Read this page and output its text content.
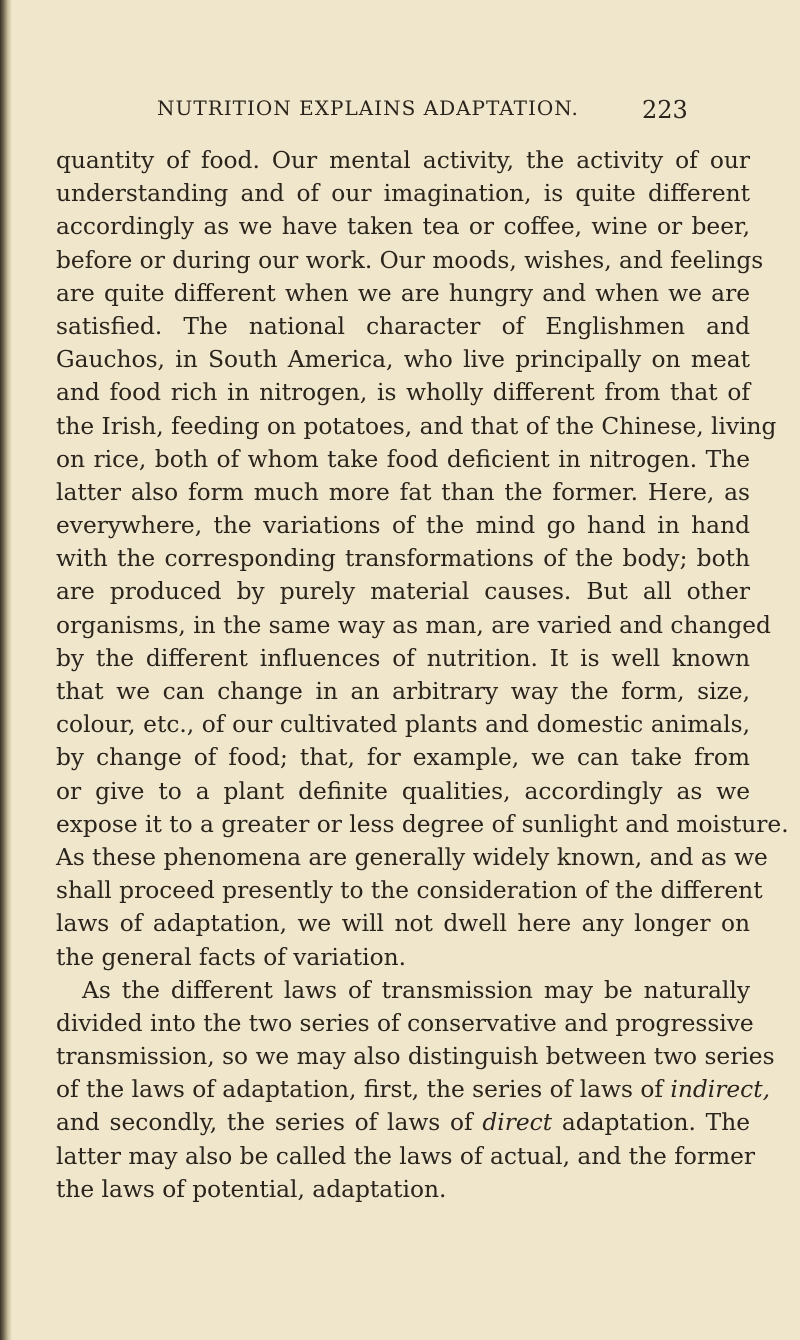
NUTRITION EXPLAINS ADAPTATION.	223
quantity of food. Our mental activity, the activity of our
understanding and of our imagination, is quite different
accordingly as we have taken tea or coffee, wine or beer,
before or during our work. Our moods, wishes, and feelings
are quite different when we are hungry and when we are
satisfied. The national character of Englishmen and
Gauchos, in South America, who live principally on meat
and food rich in nitrogen, is wholly different from that of
the Irish, feeding on potatoes, and that of the Chinese, living
on rice, both of whom take food deficient in nitrogen. The
latter also form much more fat than the former. Here, as
everywhere, the variations of the mind go hand in hand
with the corresponding transformations of the body; both
are produced by purely material causes. But all other
organisms, in the same way as man, are varied and changed
by the different influences of nutrition. It is well known
that we can change in an arbitrary way the form, size,
colour, etc., of our cultivated plants and domestic animals,
by change of food; that, for example, we can take from
or give to a plant definite qualities, accordingly as we
expose it to a greater or less degree of sunlight and moisture.
As these phenomena are generally widely known, and as we
shall proceed presently to the consideration of the different
laws of adaptation, we will not dwell here any longer on
the general facts of variation.
As the different laws of transmission may be naturally
divided into the two series of conservative and progressive
transmission, so we may also distinguish between two series
of the laws of adaptation, first, the series of laws of indirect,
and secondly, the series of laws of direct adaptation. The
latter may also be called the laws of actual, and the former
the laws of potential, adaptation.
